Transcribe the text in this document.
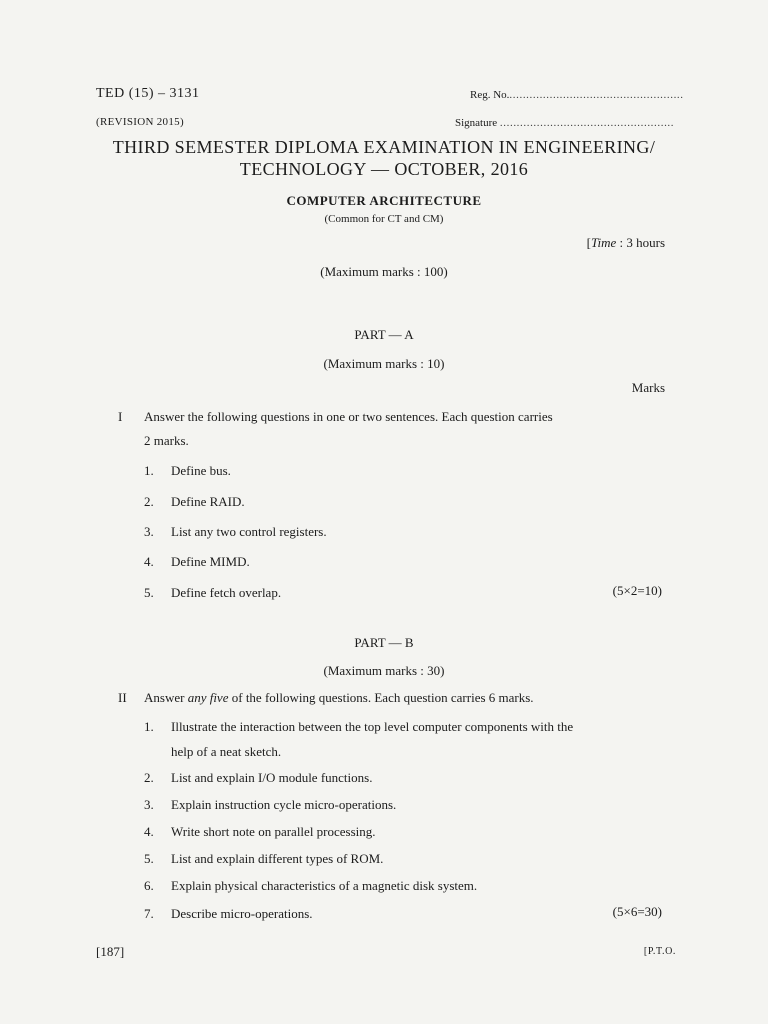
TED (15) – 3131
(REVISION 2015)
Reg. No.....................................................
Signature ....................................................
THIRD SEMESTER DIPLOMA EXAMINATION IN ENGINEERING/
TECHNOLOGY — OCTOBER, 2016
COMPUTER ARCHITECTURE
(Common for CT and CM)
[Time : 3 hours
(Maximum marks : 100)
PART — A
(Maximum marks : 10)
Marks
I Answer the following questions in one or two sentences. Each question carries
2 marks.
1. Define bus.
2. Define RAID.
3. List any two control registers.
4. Define MIMD.
5. Define fetch overlap.	(5×2=10)
PART — B
(Maximum marks : 30)
II Answer any five of the following questions. Each question carries 6 marks.
1. Illustrate the interaction between the top level computer components with the
help of a neat sketch.
2. List and explain I/O module functions.
3. Explain instruction cycle micro-operations.
4. Write short note on parallel processing.
5. List and explain different types of ROM.
6. Explain physical characteristics of a magnetic disk system.
7. Describe micro-operations.	(5×6=30)
[187]	[P.T.O.
